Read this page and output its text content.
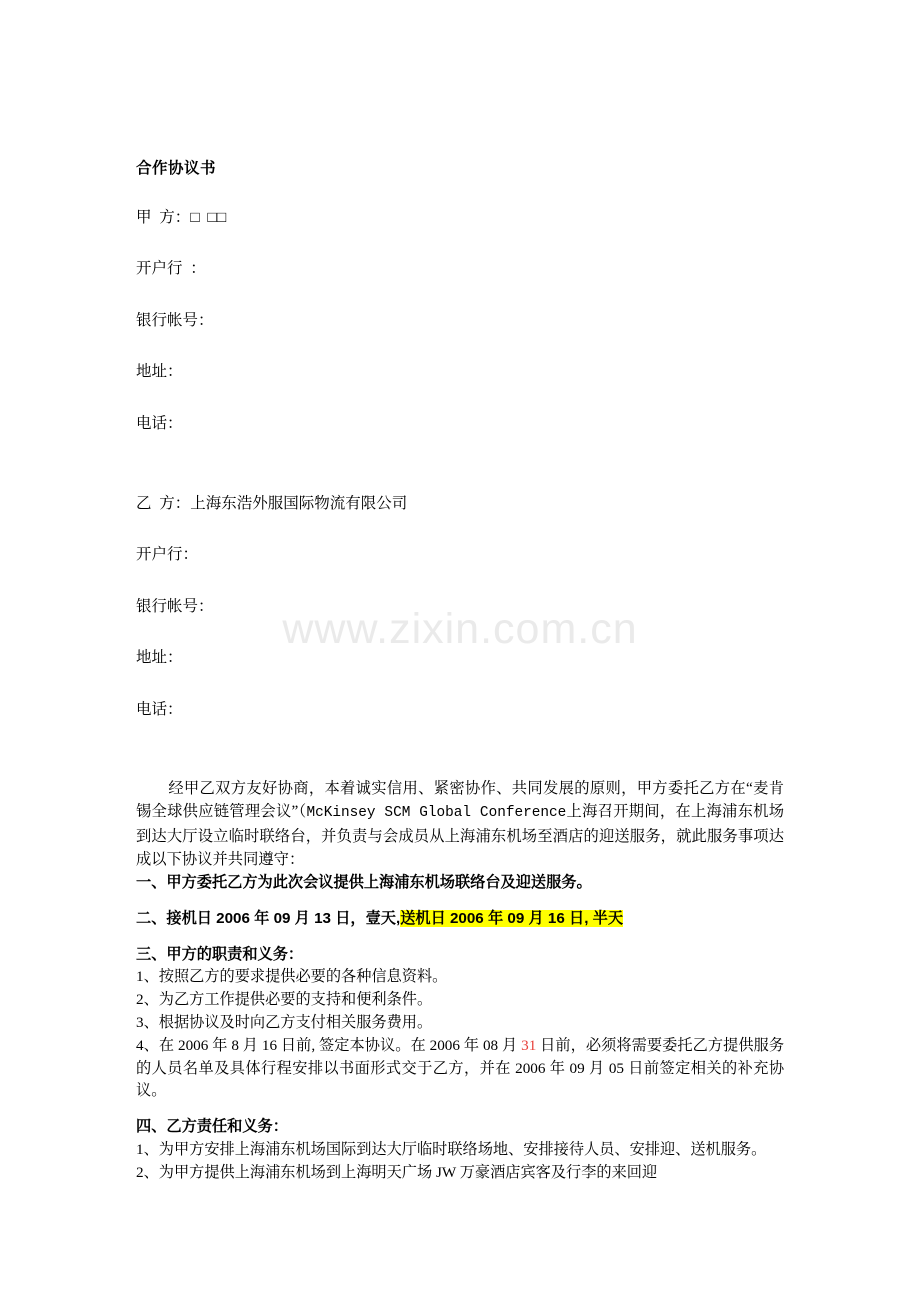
www.zixin.com.cn
合作协议书

甲  方：□  □□

开户行  ：

银行帐号：

地址：

电话：

乙  方：上海东浩外服国际物流有限公司

开户行：

银行帐号：

地址：

电话：

经甲乙双方友好协商，本着诚实信用、紧密协作、共同发展的原则，甲方委托乙方在“麦肯锡全球供应链管理会议”（McKinsey SCM Global Conference上海召开期间，在上海浦东机场到达大厅设立临时联络台，并负责与会成员从上海浦东机场至酒店的迎送服务，就此服务事项达成以下协议并共同遵守：

一、甲方委托乙方为此次会议提供上海浦东机场联络台及迎送服务。

二、接机日 2006 年 09 月 13 日，壹天,送机日 2006 年 09 月 16 日, 半天

三、甲方的职责和义务：

1、按照乙方的要求提供必要的各种信息资料。

2、为乙方工作提供必要的支持和便利条件。

3、根据协议及时向乙方支付相关服务费用。

4、在 2006 年 8 月 16 日前, 签定本协议。在 2006 年 08 月 31 日前，必须将需要委托乙方提供服务的人员名单及具体行程安排以书面形式交于乙方，并在 2006 年 09 月 05 日前签定相关的补充协议。

四、乙方责任和义务：

1、为甲方安排上海浦东机场国际到达大厅临时联络场地、安排接待人员、安排迎、送机服务。

2、为甲方提供上海浦东机场到上海明天广场 JW 万豪酒店宾客及行李的来回迎
